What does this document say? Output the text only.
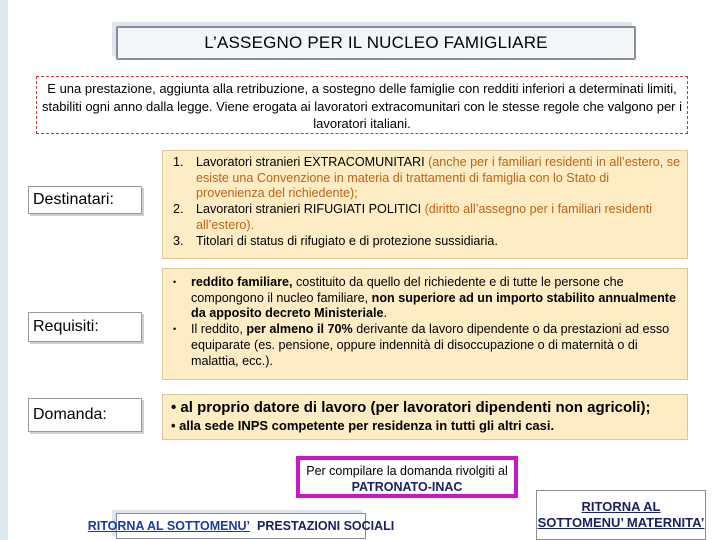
L’ASSEGNO PER IL NUCLEO FAMIGLIARE
E una prestazione, aggiunta alla retribuzione, a sostegno delle famiglie con redditi inferiori a determinati limiti, stabiliti ogni anno dalla legge. Viene erogata ai lavoratori extracomunitari con le stesse regole che valgono per i lavoratori italiani.
Destinatari:
1. Lavoratori stranieri EXTRACOMUNITARI (anche per i familiari residenti in all’estero, se esiste una Convenzione in materia di trattamenti di famiglia con lo Stato di provenienza del richiedente);
2. Lavoratori stranieri RIFUGIATI POLITICI (diritto all’assegno per i familiari residenti all’estero).
3. Titolari di status di rifugiato e di protezione sussidiaria.
Requisiti:
• reddito familiare, costituito da quello del richiedente e di tutte le persone che compongono il nucleo familiare, non superiore ad un importo stabilito annualmente da apposito decreto Ministeriale.
• Il reddito, per almeno il 70% derivante da lavoro dipendente o da prestazioni ad esso equiparate (es. pensione, oppure indennità di disoccupazione o di maternità o di malattia, ecc.).
Domanda:	• al proprio datore di lavoro (per lavoratori dipendenti non agricoli);
• alla sede INPS competente per residenza in tutti gli altri casi.
Per compilare la domanda rivolgiti al PATRONATO-INAC
RITORNA AL SOTTOMENU’
PRESTAZIONI SOCIALI
RITORNA AL SOTTOMENU’ MATERNITA’
